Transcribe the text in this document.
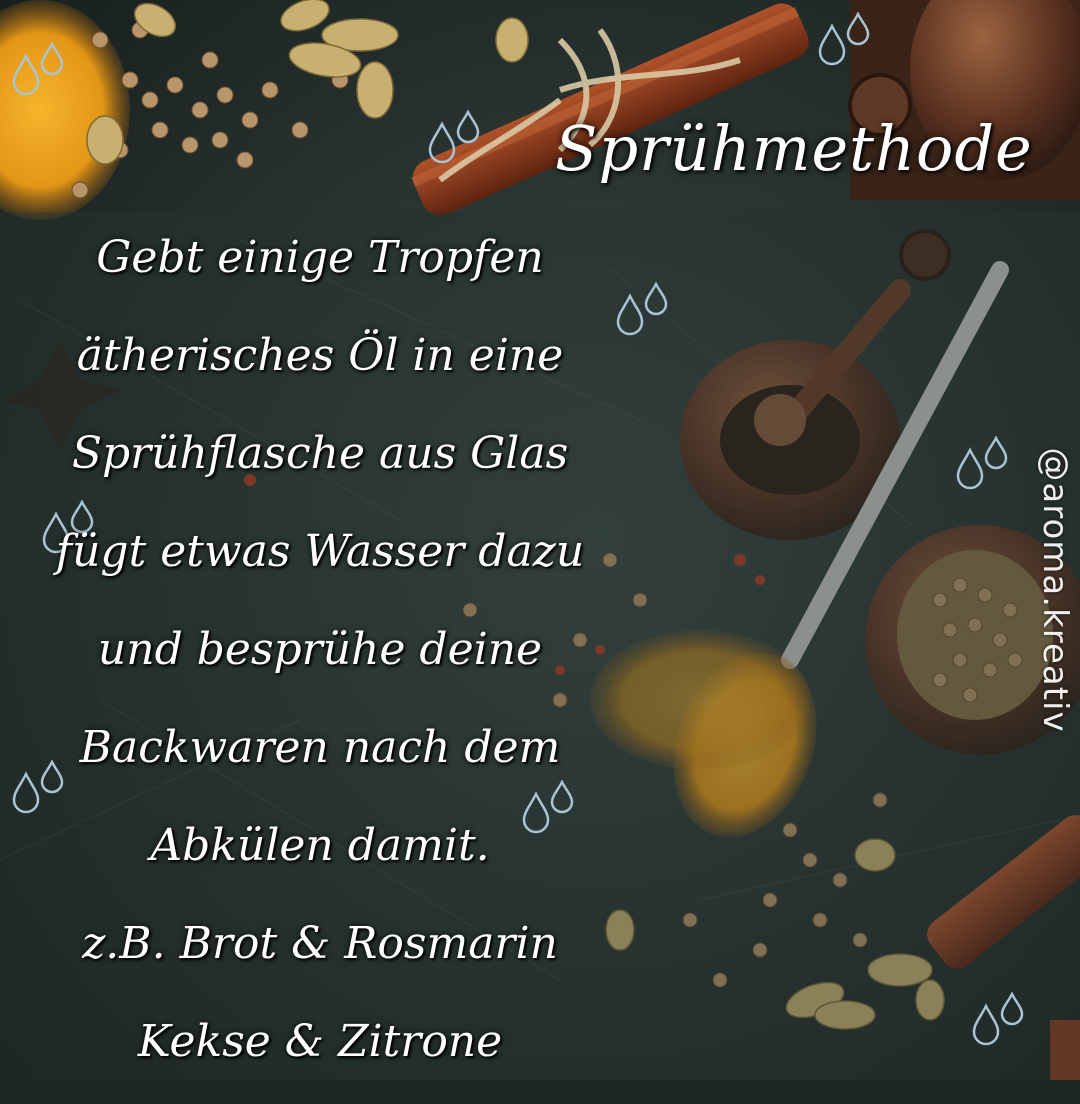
Sprühmethode
Gebt einige Tropfen
ätherisches Öl in eine
Sprühflasche aus Glas
fügt etwas Wasser dazu
und besprühe deine
Backwaren nach dem
Abkülen damit.
z.B. Brot & Rosmarin
Kekse & Zitrone
@aroma.kreativ
